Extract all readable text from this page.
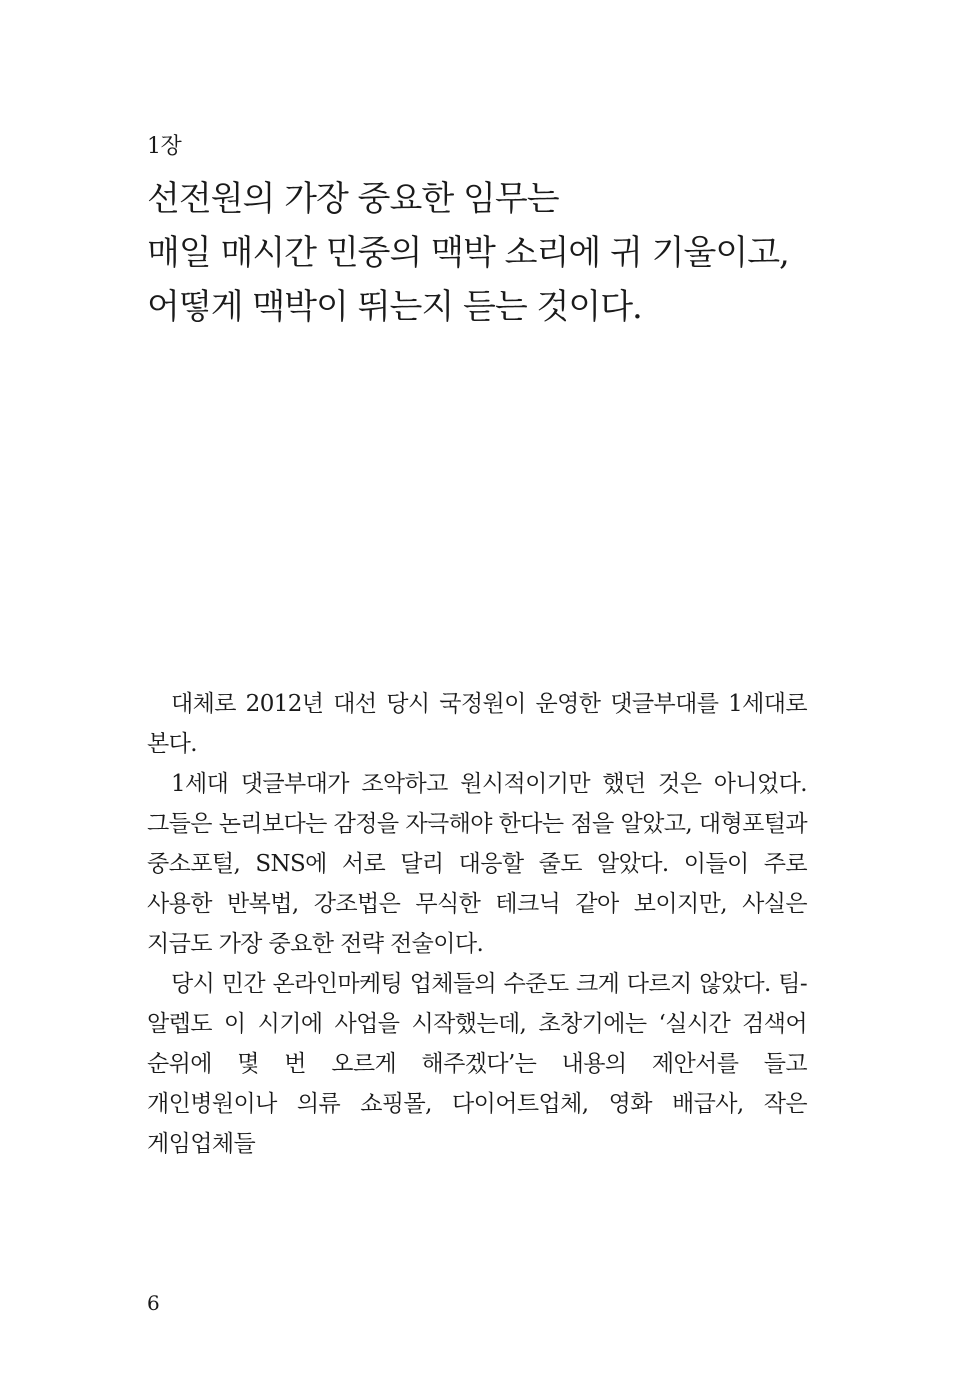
1장
선전원의 가장 중요한 임무는
매일 매시간 민중의 맥박 소리에 귀 기울이고,
어떻게 맥박이 뛰는지 듣는 것이다.

대체로 2012년 대선 당시 국정원이 운영한 댓글부대를 1세대로 본다.

1세대 댓글부대가 조악하고 원시적이기만 했던 것은 아니었다. 그들은 논리보다는 감정을 자극해야 한다는 점을 알았고, 대형포털과 중소포털, SNS에 서로 달리 대응할 줄도 알았다. 이들이 주로 사용한 반복법, 강조법은 무식한 테크닉 같아 보이지만, 사실은 지금도 가장 중요한 전략 전술이다.

당시 민간 온라인마케팅 업체들의 수준도 크게 다르지 않았다. 팀-알렙도 이 시기에 사업을 시작했는데, 초창기에는 ‘실시간 검색어 순위에 몇 번 오르게 해주겠다’는 내용의 제안서를 들고 개인병원이나 의류 쇼핑몰, 다이어트업체, 영화 배급사, 작은 게임업체들

6
